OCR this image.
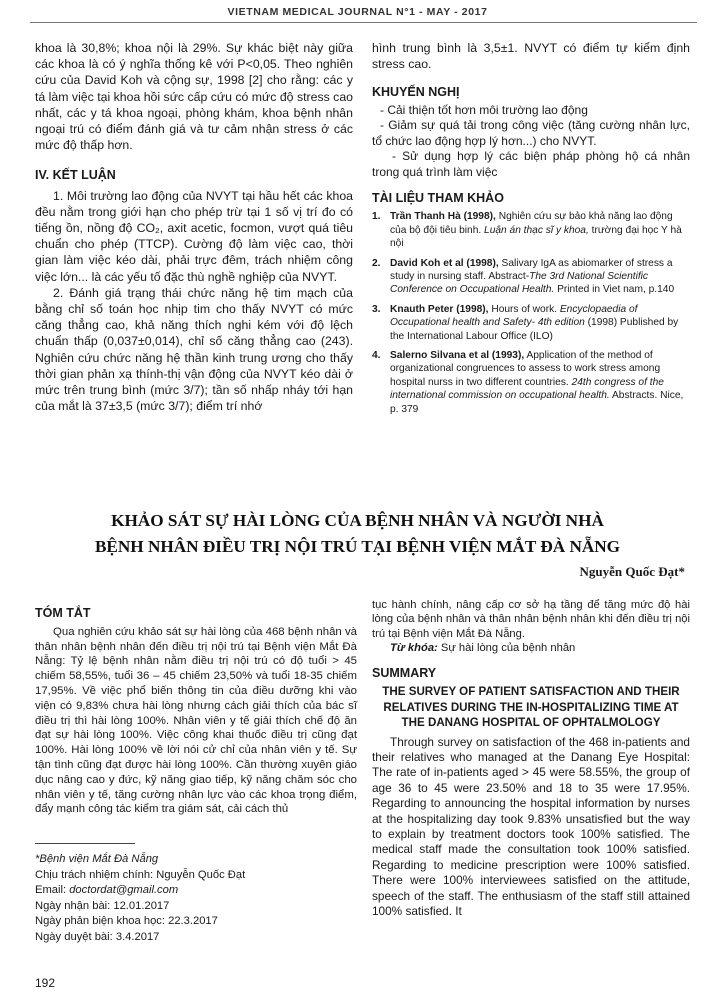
VIETNAM MEDICAL JOURNAL N°1 - MAY - 2017

khoa là 30,8%; khoa nội là 29%. Sự khác biệt này giữa các khoa là có ý nghĩa thống kê với P<0,05. Theo nghiên cứu của David Koh và cộng sự, 1998 [2] cho rằng: các y tá làm việc tại khoa hồi sức cấp cứu có mức độ stress cao nhất, các y tá khoa ngoại, phòng khám, khoa bệnh nhân ngoại trú có điểm đánh giá và tư cảm nhận stress ở các mức độ thấp hơn.

IV. KẾT LUẬN

1. Môi trường lao động của NVYT tại hầu hết các khoa đều nằm trong giới hạn cho phép trừ tại 1 số vị trí đo có tiếng ồn, nồng độ CO₂, axit acetic, focmon, vượt quá tiêu chuẩn cho phép (TTCP). Cường độ làm việc cao, thời gian làm việc kéo dài, phải trực đêm, trách nhiệm công việc lớn... là các yếu tố đặc thù nghề nghiệp của NVYT.

2. Đánh giá trạng thái chức năng hệ tim mạch của bằng chỉ số toán học nhịp tim cho thấy NVYT có mức căng thẳng cao, khả năng thích nghi kém với độ lệch chuẩn thấp (0,037±0,014), chỉ số căng thẳng cao (243). Nghiên cứu chức năng hệ thần kinh trung ương cho thấy thời gian phản xạ thính-thị vận động của NVYT kéo dài ở mức trên trung bình (mức 3/7); tần số nhấp nháy tới hạn của mắt là 37±3,5 (mức 3/7); điểm trí nhớ

hình trung bình là 3,5±1. NVYT có điểm tự kiểm định stress cao.

KHUYẾN NGHỊ

- Cải thiện tốt hơn môi trường lao động

- Giảm sự quá tải trong công việc (tăng cường nhân lực, tổ chức lao động hợp lý hơn...) cho NVYT.

- Sử dụng hợp lý các biện pháp phòng hộ cá nhân trong quá trình làm việc

TÀI LIỆU THAM KHẢO

1. Trần Thanh Hà (1998), Nghiên cứu sự bảo khả năng lao động của bộ đội tiêu binh. Luận án thạc sĩ y khoa, trường đại học Y hà nội
2. David Koh et al (1998), Salivary IgA as abiomarker of stress a study in nursing staff. Abstract-The 3rd National Scientific Conference on Occupational Health. Printed in Viet nam, p.140
3. Knauth Peter (1998), Hours of work. Encyclopaedia of Occupational health and Safety- 4th edition (1998) Published by the International Labour Office (ILO)
4. Salerno Silvana et al (1993), Application of the method of organizational congruences to assess to work stress among hospital nurss in two different countries. 24th congress of the international commission on occupational health. Abstracts. Nice, p. 379
KHẢO SÁT SỰ HÀI LÒNG CỦA BỆNH NHÂN VÀ NGƯỜI NHÀ
BỆNH NHÂN ĐIỀU TRỊ NỘI TRÚ TẠI BỆNH VIỆN MẮT ĐÀ NẴNG
Nguyễn Quốc Đạt*

TÓM TẮT

Qua nghiên cứu khảo sát sự hài lòng của 468 bệnh nhân và thân nhân bệnh nhân đến điều trị nội trú tại Bệnh viện Mắt Đà Nẵng: Tỷ lệ bệnh nhân nằm điều trị nội trú có độ tuổi > 45 chiếm 58,55%, tuổi 36 – 45 chiếm 23,50% và tuổi 18-35 chiếm 17,95%. Về việc phổ biến thông tin của điều dưỡng khi vào viện có 9,83% chưa hài lòng nhưng cách giải thích của bác sĩ điều trị thì hài lòng 100%. Nhân viên y tế giải thích chế độ ăn đạt sự hài lòng 100%. Việc công khai thuốc điều trị cũng đạt 100%. Hài lòng 100% về lời nói cử chỉ của nhân viên y tế. Sự tận tình cũng đạt được hài lòng 100%. Cần thường xuyên giáo dục nâng cao y đức, kỹ năng giao tiếp, kỹ năng chăm sóc cho nhân viên y tế, tăng cường nhân lực vào các khoa trọng điểm, đẩy mạnh công tác kiểm tra giám sát, cải cách thủ

tục hành chính, nâng cấp cơ sở hạ tầng để tăng mức độ hài lòng của bệnh nhân và thân nhân bệnh nhân khi đến điều trị nội trú tại Bệnh viện Mắt Đà Nẵng.

Từ khóa: Sự hài lòng của bệnh nhân

SUMMARY

THE SURVEY OF PATIENT SATISFACTION AND THEIR RELATIVES DURING THE IN-HOSPITALIZING TIME AT THE DANANG HOSPITAL OF OPHTALMOLOGY

Through survey on satisfaction of the 468 in-patients and their relatives who managed at the Danang Eye Hospital: The rate of in-patients aged > 45 were 58.55%, the group of age 36 to 45 were 23.50% and 18 to 35 were 17.95%. Regarding to announcing the hospital information by nurses at the hospitalizing day took 9.83% unsatisfied but the way to explain by treatment doctors took 100% satisfied. The medical staff made the consultation took 100% satisfied. Regarding to medicine prescription were 100% satisfied. There were 100% interviewees satisfied on the attitude, speech of the staff. The enthusiasm of the staff still attained 100% satisfied. It

*Bệnh viện Mắt Đà Nẵng

Chịu trách nhiệm chính: Nguyễn Quốc Đạt

Email: doctordat@gmail.com

Ngày nhận bài: 12.01.2017

Ngày phản biện khoa học: 22.3.2017

Ngày duyệt bài: 3.4.2017

192
